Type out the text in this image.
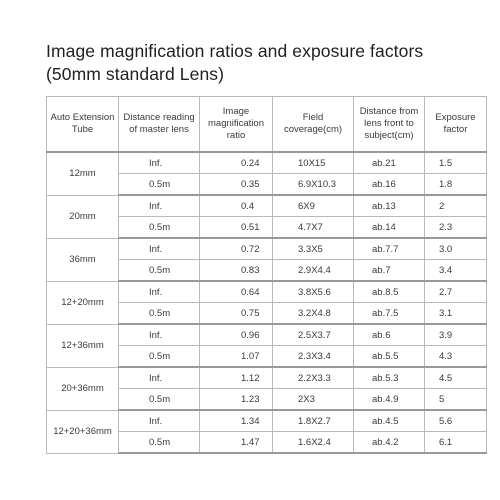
Image magnification ratios and exposure factors
(50mm standard Lens)
Auto Extension Tube	Distance reading of master lens	Image magnification ratio	Field coverage(cm)	Distance from lens front to subject(cm)	Exposure factor
12mm	Inf.	0.24	10X15	ab.21	1.5
	0.5m	0.35	6.9X10.3	ab.16	1.8
20mm	Inf.	0.4	6X9	ab.13	2
	0.5m	0.51	4.7X7	ab.14	2.3
36mm	Inf.	0.72	3.3X5	ab.7.7	3.0
	0.5m	0.83	2.9X4.4	ab.7	3.4
12+20mm	Inf.	0.64	3.8X5.6	ab.8.5	2.7
	0.5m	0.75	3.2X4.8	ab.7.5	3.1
12+36mm	Inf.	0.96	2.5X3.7	ab.6	3.9
	0.5m	1.07	2.3X3.4	ab.5.5	4.3
20+36mm	Inf.	1.12	2.2X3.3	ab.5.3	4.5
	0.5m	1.23	2X3	ab.4.9	5
12+20+36mm	Inf.	1.34	1.8X2.7	ab.4.5	5.6
	0.5m	1.47	1.6X2.4	ab.4.2	6.1
